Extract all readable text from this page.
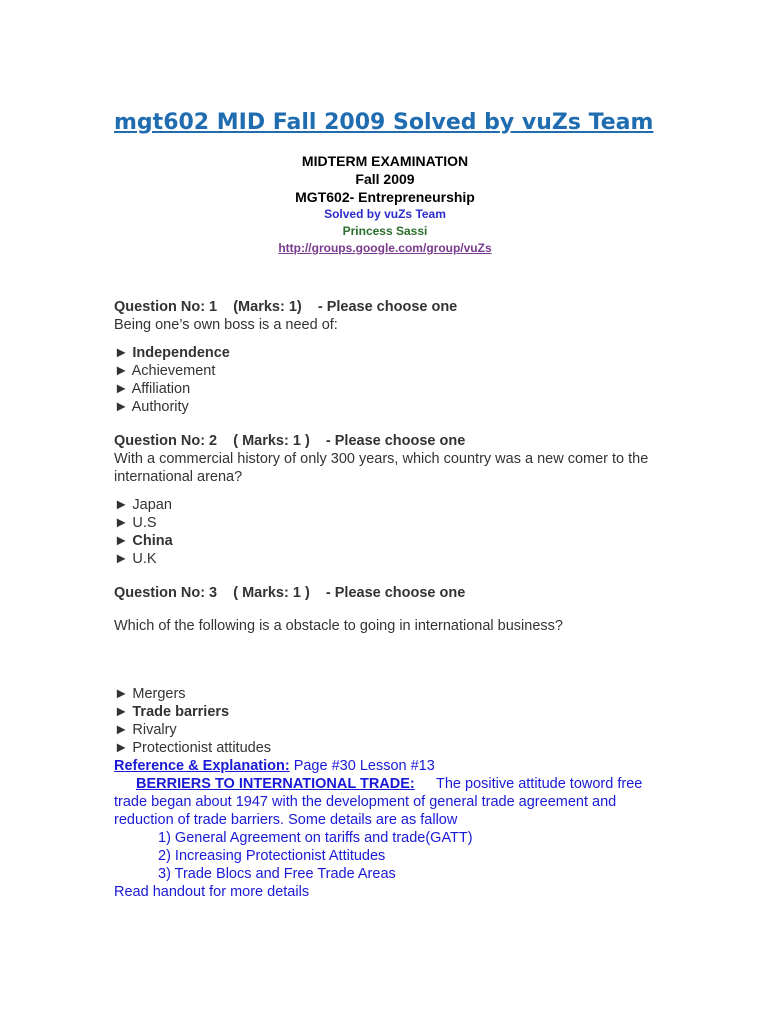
mgt602 MID Fall 2009 Solved by vuZs Team
MIDTERM EXAMINATION
Fall 2009
MGT602- Entrepreneurship
Solved by vuZs Team
Princess Sassi
http://groups.google.com/group/vuZs
Question No: 1    (Marks: 1)    - Please choose one
Being one’s own boss is a need of:
► Independence
► Achievement
► Affiliation
► Authority
Question No: 2    ( Marks: 1 )    - Please choose one
With a commercial history of only 300 years, which country was a new comer to the international arena?
► Japan
► U.S
► China
► U.K
Question No: 3    ( Marks: 1 )    - Please choose one
Which of the following is a obstacle to going in international business?
► Mergers
► Trade barriers
► Rivalry
► Protectionist attitudes
Reference & Explanation: Page #30 Lesson #13
BERRIERS TO INTERNATIONAL TRADE:	The positive attitude toword free trade began about 1947 with the development of general trade agreement and reduction of trade barriers. Some details are as fallow
1) General Agreement on tariffs and trade(GATT)
2) Increasing Protectionist Attitudes
3) Trade Blocs and Free Trade Areas
Read handout for more details
